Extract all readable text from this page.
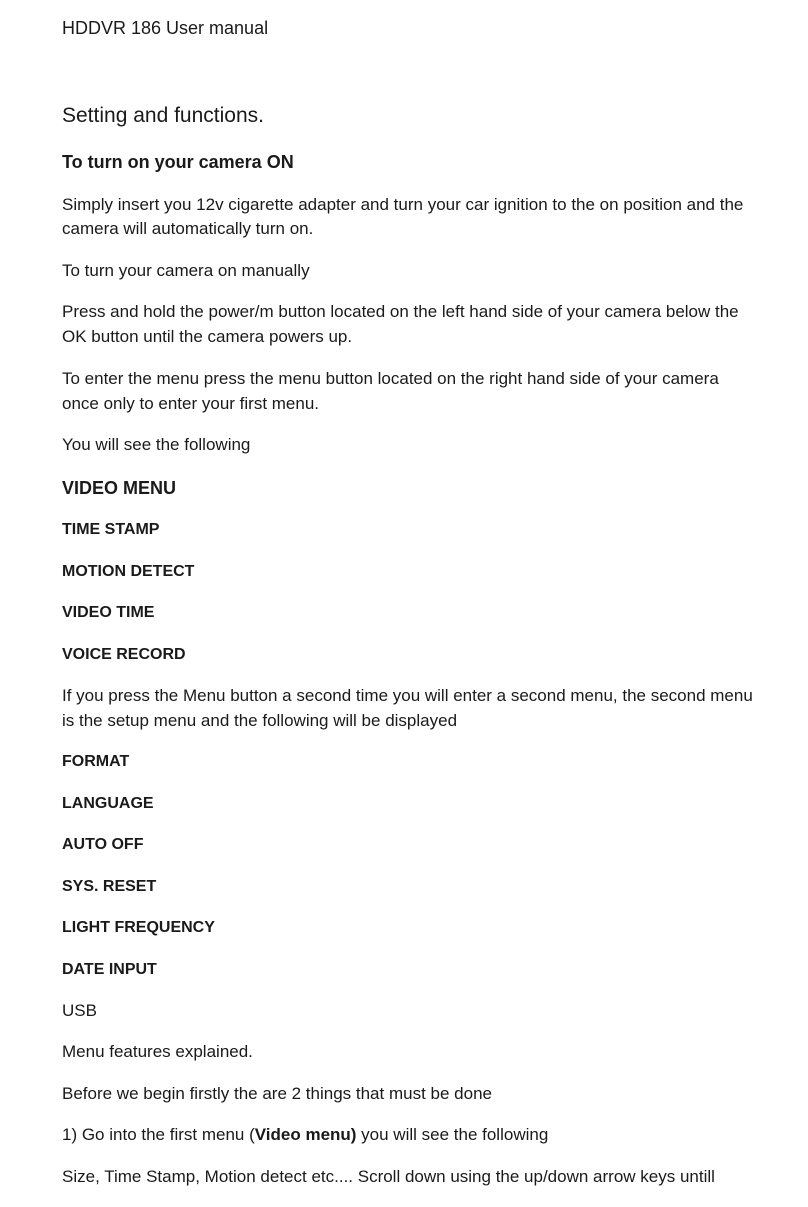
HDDVR 186 User manual

Setting and functions.

To turn on your camera ON

Simply insert you 12v cigarette adapter and turn your car ignition to the on position and the

camera will automatically turn on.

To turn your camera on manually

Press and hold the power/m button located on the left hand side of your camera below the

OK button until the camera powers up.

To enter the menu press the menu button located on the right hand side of your camera

once only to enter your first menu.

You will see the following

VIDEO MENU

TIME STAMP

MOTION DETECT

VIDEO TIME

VOICE RECORD

If you press the Menu button a second time you will enter a second menu, the second menu

is the setup menu and the following will be displayed

FORMAT

LANGUAGE

AUTO OFF

SYS. RESET

LIGHT FREQUENCY

DATE INPUT

USB

Menu features explained.

Before we begin firstly the are 2 things that must be done

1) Go into the first menu (Video menu) you will see the following

Size, Time Stamp, Motion detect etc.... Scroll down using the up/down arrow keys untill
